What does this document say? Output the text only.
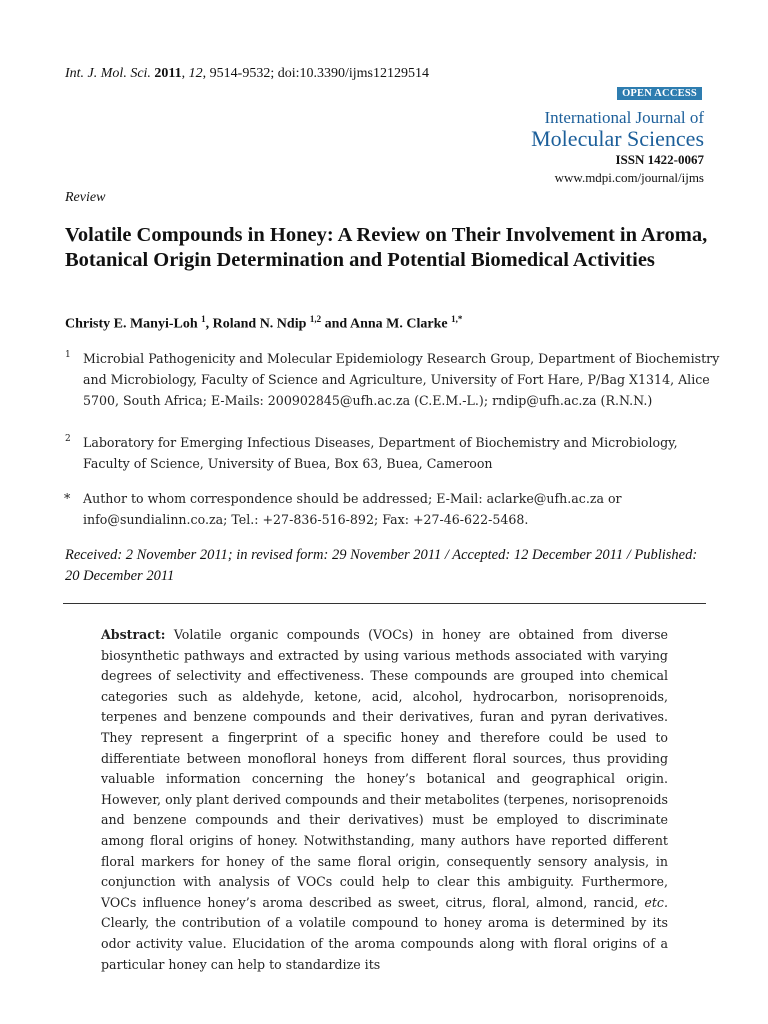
Int. J. Mol. Sci. 2011, 12, 9514-9532; doi:10.3390/ijms12129514
OPEN ACCESS
International Journal of
Molecular Sciences
ISSN 1422-0067
www.mdpi.com/journal/ijms
Review
Volatile Compounds in Honey: A Review on Their Involvement in Aroma, Botanical Origin Determination and Potential Biomedical Activities
Christy E. Manyi-Loh $^1$, Roland N. Ndip $^{1,2}$ and Anna M. Clarke $^{1,*}$
1 Microbial Pathogenicity and Molecular Epidemiology Research Group, Department of Biochemistry and Microbiology, Faculty of Science and Agriculture, University of Fort Hare, P/Bag X1314, Alice 5700, South Africa; E-Mails: 200902845@ufh.ac.za (C.E.M.-L.); rndip@ufh.ac.za (R.N.N.)
2 Laboratory for Emerging Infectious Diseases, Department of Biochemistry and Microbiology, Faculty of Science, University of Buea, Box 63, Buea, Cameroon
* Author to whom correspondence should be addressed; E-Mail: aclarke@ufh.ac.za or info@sundialinn.co.za; Tel.: +27-836-516-892; Fax: +27-46-622-5468.
Received: 2 November 2011; in revised form: 29 November 2011 / Accepted: 12 December 2011 / Published: 20 December 2011
Abstract: Volatile organic compounds (VOCs) in honey are obtained from diverse biosynthetic pathways and extracted by using various methods associated with varying degrees of selectivity and effectiveness. These compounds are grouped into chemical categories such as aldehyde, ketone, acid, alcohol, hydrocarbon, norisoprenoids, terpenes and benzene compounds and their derivatives, furan and pyran derivatives. They represent a fingerprint of a specific honey and therefore could be used to differentiate between monofloral honeys from different floral sources, thus providing valuable information concerning the honey’s botanical and geographical origin. However, only plant derived compounds and their metabolites (terpenes, norisoprenoids and benzene compounds and their derivatives) must be employed to discriminate among floral origins of honey. Notwithstanding, many authors have reported different floral markers for honey of the same floral origin, consequently sensory analysis, in conjunction with analysis of VOCs could help to clear this ambiguity. Furthermore, VOCs influence honey’s aroma described as sweet, citrus, floral, almond, rancid, etc. Clearly, the contribution of a volatile compound to honey aroma is determined by its odor activity value. Elucidation of the aroma compounds along with floral origins of a particular honey can help to standardize its
